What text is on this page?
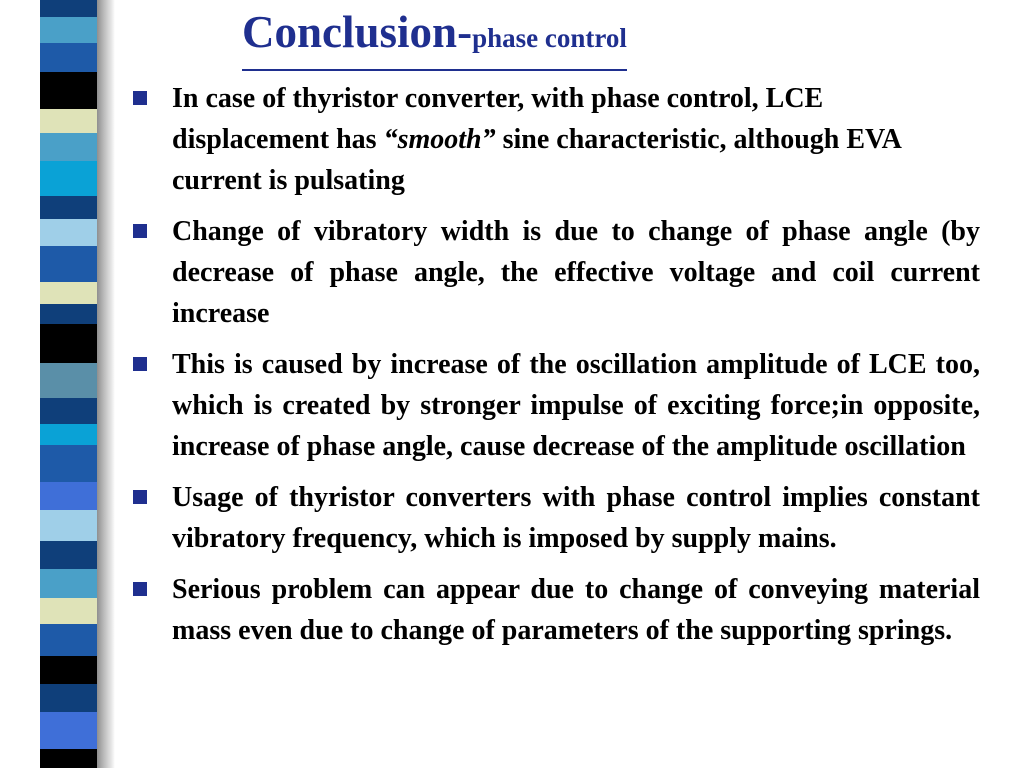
Conclusion-phase control
In case of thyristor converter, with phase control, LCE displacement has “smooth” sine characteristic, although EVA current is pulsating
Change of vibratory width is due to change of phase angle (by decrease of phase angle, the effective voltage and coil current increase
This is caused by increase of the oscillation amplitude of LCE too, which is created by stronger impulse of exciting force;in opposite, increase of phase angle, cause decrease of the amplitude oscillation
Usage of thyristor converters with phase control implies constant vibratory frequency, which is imposed by supply mains.
Serious problem can appear due to change of conveying material mass even due to change of parameters of the supporting springs.
